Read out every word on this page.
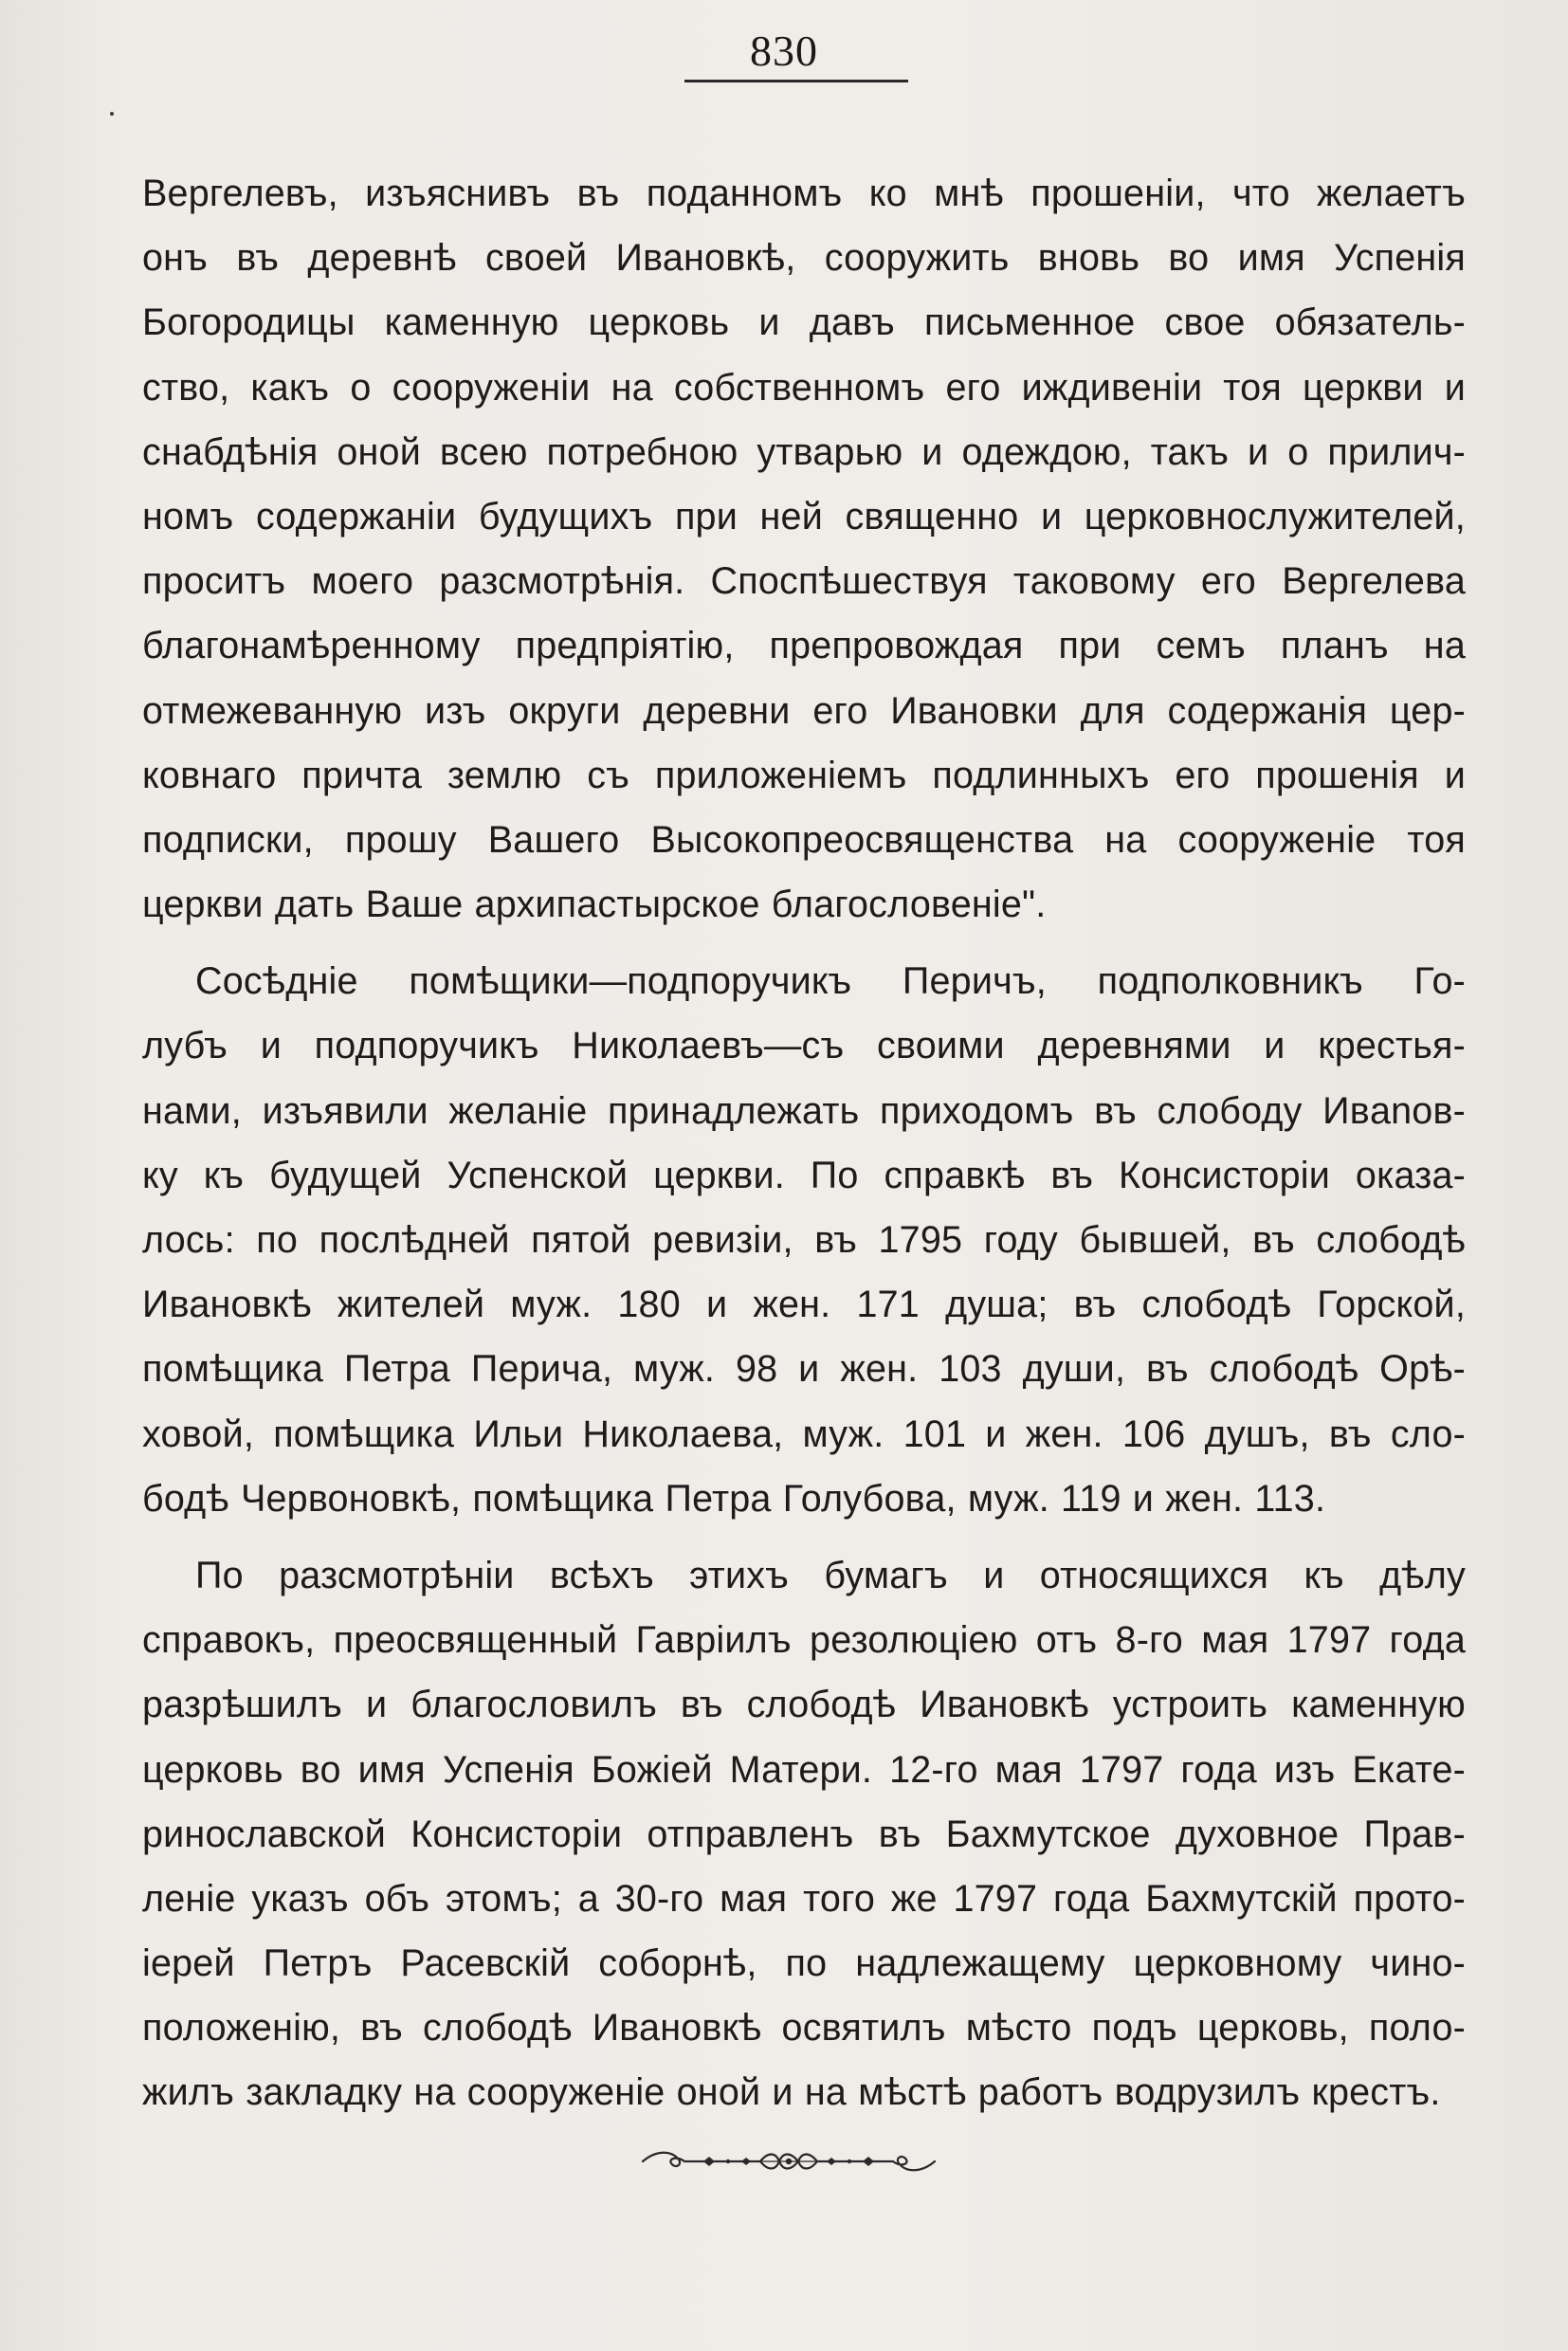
830
Вергелевъ, изъяснивъ въ поданномъ ко мнѣ прошеніи, что желаетъ
онъ въ деревнѣ своей Ивановкѣ, сооружить вновь во имя Успенія
Богородицы каменную церковь и давъ письменное свое обязатель-
ство, какъ о сооруженіи на собственномъ его иждивеніи тоя церкви и
снабдѣнія оной всею потребною утварью и одеждою, такъ и о прилич-
номъ содержаніи будущихъ при ней священно и церковнослужителей,
проситъ моего разсмотрѣнія. Споспѣшествуя таковому его Вергелева
благонамѣренному предпріятію, препровождая при семъ планъ на
отмежеванную изъ округи деревни его Ивановки для содержанія цер-
ковнаго причта землю съ приложеніемъ подлинныхъ его прошенія и
подписки, прошу Вашего Высокопреосвященства на сооруженіе тоя
церкви дать Ваше архипастырское благословеніе".
Сосѣдніе помѣщики—подпоручикъ Перичъ, подполковникъ Го-
лубъ и подпоручикъ Николаевъ—съ своими деревнями и крестья-
нами, изъявили желаніе принадлежать приходомъ въ слободу Ивanoв-
ку къ будущей Успенской церкви. По справкѣ въ Консисторіи оказа-
лось: по послѣдней пятой ревизіи, въ 1795 году бывшей, въ слободѣ
Ивановкѣ жителей муж. 180 и жен. 171 душа; въ слободѣ Горской,
помѣщика Петра Перича, муж. 98 и жен. 103 души, въ слободѣ Орѣ-
ховой, помѣщика Ильи Николаева, муж. 101 и жен. 106 душъ, въ сло-
бодѣ Червоновкѣ, помѣщика Петра Голубова, муж. 119 и жен. 113.
По разсмотрѣніи всѣхъ этихъ бумагъ и относящихся къ дѣлу
справокъ, преосвященный Гавріилъ резолюціею отъ 8-го мая 1797 года
разрѣшилъ и благословилъ въ слободѣ Ивановкѣ устроить каменную
церковь во имя Успенія Божіей Матери. 12-го мая 1797 года изъ Екате-
ринославской Консисторіи отправленъ въ Бахмутское духовное Прав-
леніе указъ объ этомъ; а 30-го мая того же 1797 года Бахмутскій прото-
іерей Петръ Расевскій соборнѣ, по надлежащему церковному чино-
положенію, въ слободѣ Ивановкѣ освятилъ мѣсто подъ церковь, поло-
жилъ закладку на сооруженіе оной и на мѣстѣ работъ водрузилъ крестъ.
